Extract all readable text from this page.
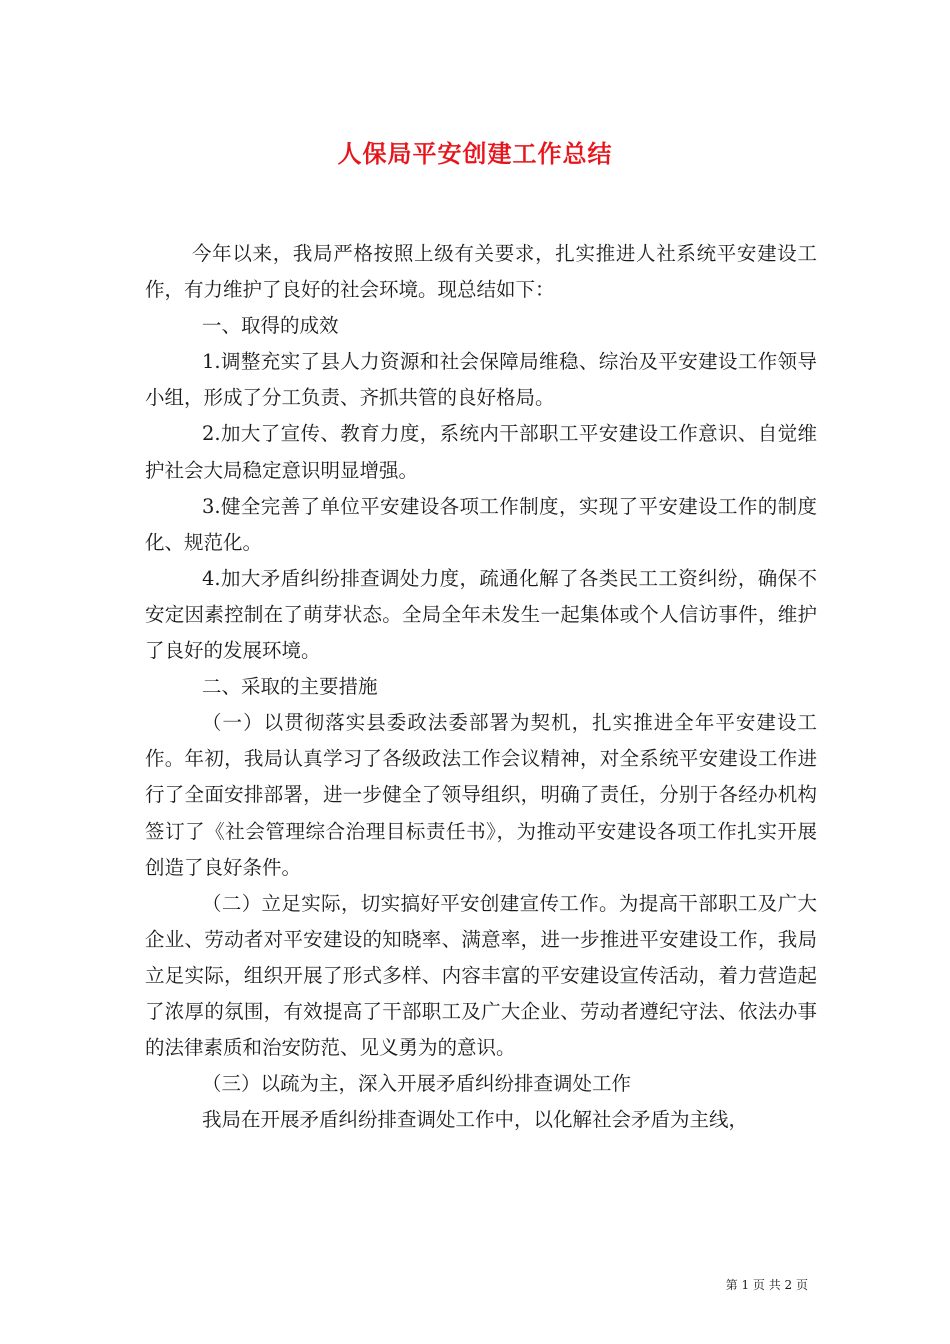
人保局平安创建工作总结

今年以来，我局严格按照上级有关要求，扎实推进人社系统平安建设工作，有力维护了良好的社会环境。现总结如下：

一、取得的成效

1.调整充实了县人力资源和社会保障局维稳、综治及平安建设工作领导小组，形成了分工负责、齐抓共管的良好格局。

2.加大了宣传、教育力度，系统内干部职工平安建设工作意识、自觉维护社会大局稳定意识明显增强。

3.健全完善了单位平安建设各项工作制度，实现了平安建设工作的制度化、规范化。

4.加大矛盾纠纷排查调处力度，疏通化解了各类民工工资纠纷，确保不安定因素控制在了萌芽状态。全局全年未发生一起集体或个人信访事件，维护了良好的发展环境。

二、采取的主要措施

（一）以贯彻落实县委政法委部署为契机，扎实推进全年平安建设工作。年初，我局认真学习了各级政法工作会议精神，对全系统平安建设工作进行了全面安排部署，进一步健全了领导组织，明确了责任，分别于各经办机构签订了《社会管理综合治理目标责任书》，为推动平安建设各项工作扎实开展创造了良好条件。

（二）立足实际，切实搞好平安创建宣传工作。为提高干部职工及广大企业、劳动者对平安建设的知晓率、满意率，进一步推进平安建设工作，我局立足实际，组织开展了形式多样、内容丰富的平安建设宣传活动，着力营造起了浓厚的氛围，有效提高了干部职工及广大企业、劳动者遵纪守法、依法办事的法律素质和治安防范、见义勇为的意识。

（三）以疏为主，深入开展矛盾纠纷排查调处工作

我局在开展矛盾纠纷排查调处工作中，以化解社会矛盾为主线，

第 1 页 共 2 页
